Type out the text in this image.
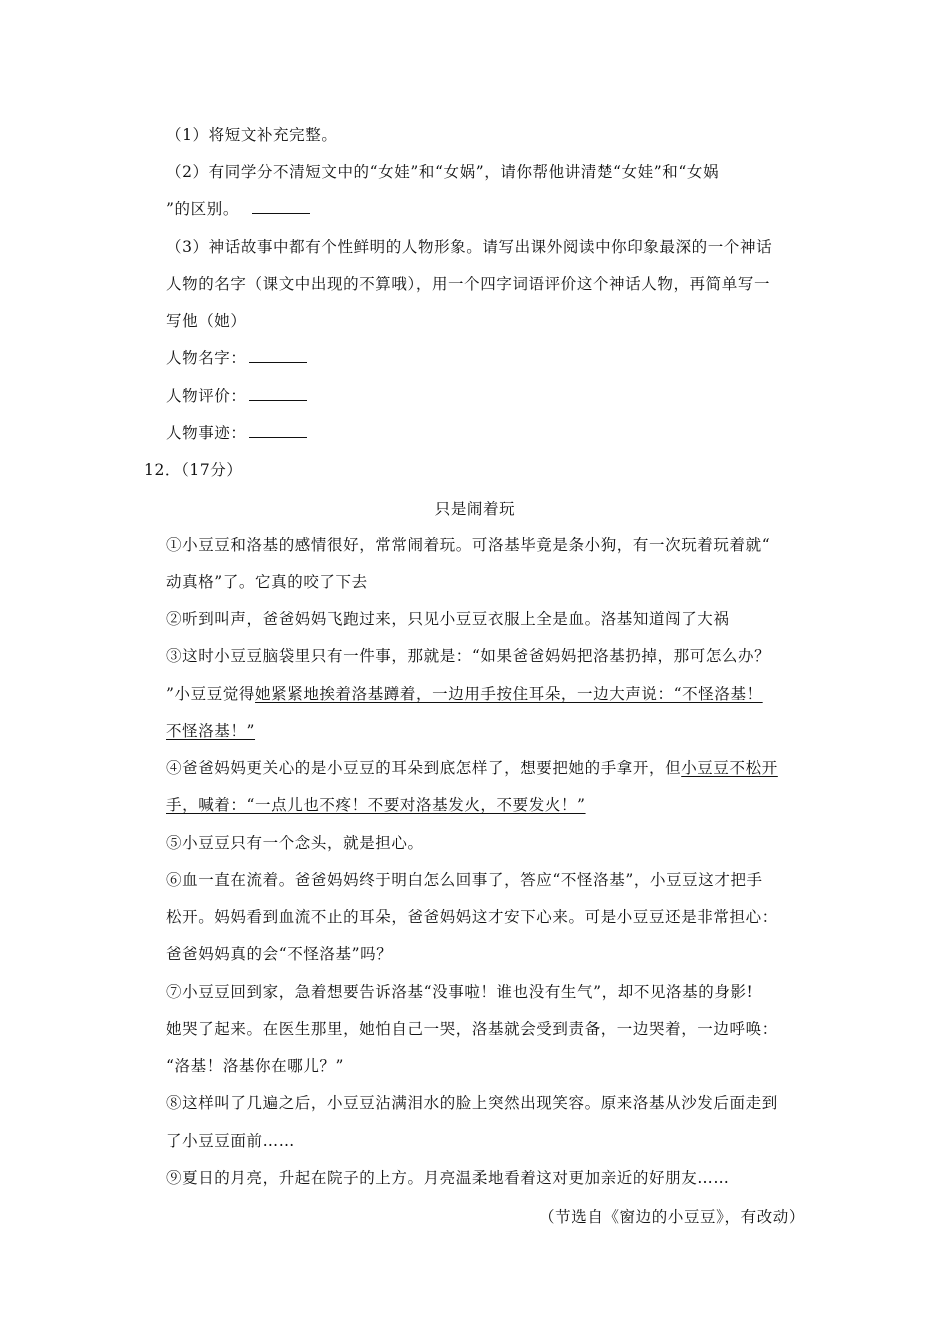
（1）将短文补充完整。
（2）有同学分不清短文中的“女娃”和“女娲”，请你帮他讲清楚“女娃”和“女娲
”的区别。
（3）神话故事中都有个性鲜明的人物形象。请写出课外阅读中你印象最深的一个神话
人物的名字（课文中出现的不算哦），用一个四字词语评价这个神话人物，再简单写一
写他（她）
人物名字：
人物评价：
人物事迹：
12．（17分）
只是闹着玩
①小豆豆和洛基的感情很好，常常闹着玩。可洛基毕竟是条小狗，有一次玩着玩着就“
动真格”了。它真的咬了下去
②听到叫声，爸爸妈妈飞跑过来，只见小豆豆衣服上全是血。洛基知道闯了大祸
③这时小豆豆脑袋里只有一件事，那就是：“如果爸爸妈妈把洛基扔掉，那可怎么办？
”小豆豆觉得她紧紧地挨着洛基蹲着，一边用手按住耳朵，一边大声说：“不怪洛基！
不怪洛基！”
④爸爸妈妈更关心的是小豆豆的耳朵到底怎样了，想要把她的手拿开，但小豆豆不松开
手，喊着：“一点儿也不疼！不要对洛基发火，不要发火！”
⑤小豆豆只有一个念头，就是担心。
⑥血一直在流着。爸爸妈妈终于明白怎么回事了，答应“不怪洛基”，小豆豆这才把手
松开。妈妈看到血流不止的耳朵，爸爸妈妈这才安下心来。可是小豆豆还是非常担心：
爸爸妈妈真的会“不怪洛基”吗？
⑦小豆豆回到家，急着想要告诉洛基“没事啦！谁也没有生气”，却不见洛基的身影!
她哭了起来。在医生那里，她怕自己一哭，洛基就会受到责备，一边哭着，一边呼唤：
“洛基！洛基你在哪儿？”
⑧这样叫了几遍之后，小豆豆沾满泪水的脸上突然出现笑容。原来洛基从沙发后面走到
了小豆豆面前……
⑨夏日的月亮，升起在院子的上方。月亮温柔地看着这对更加亲近的好朋友……
（节选自《窗边的小豆豆》，有改动）
